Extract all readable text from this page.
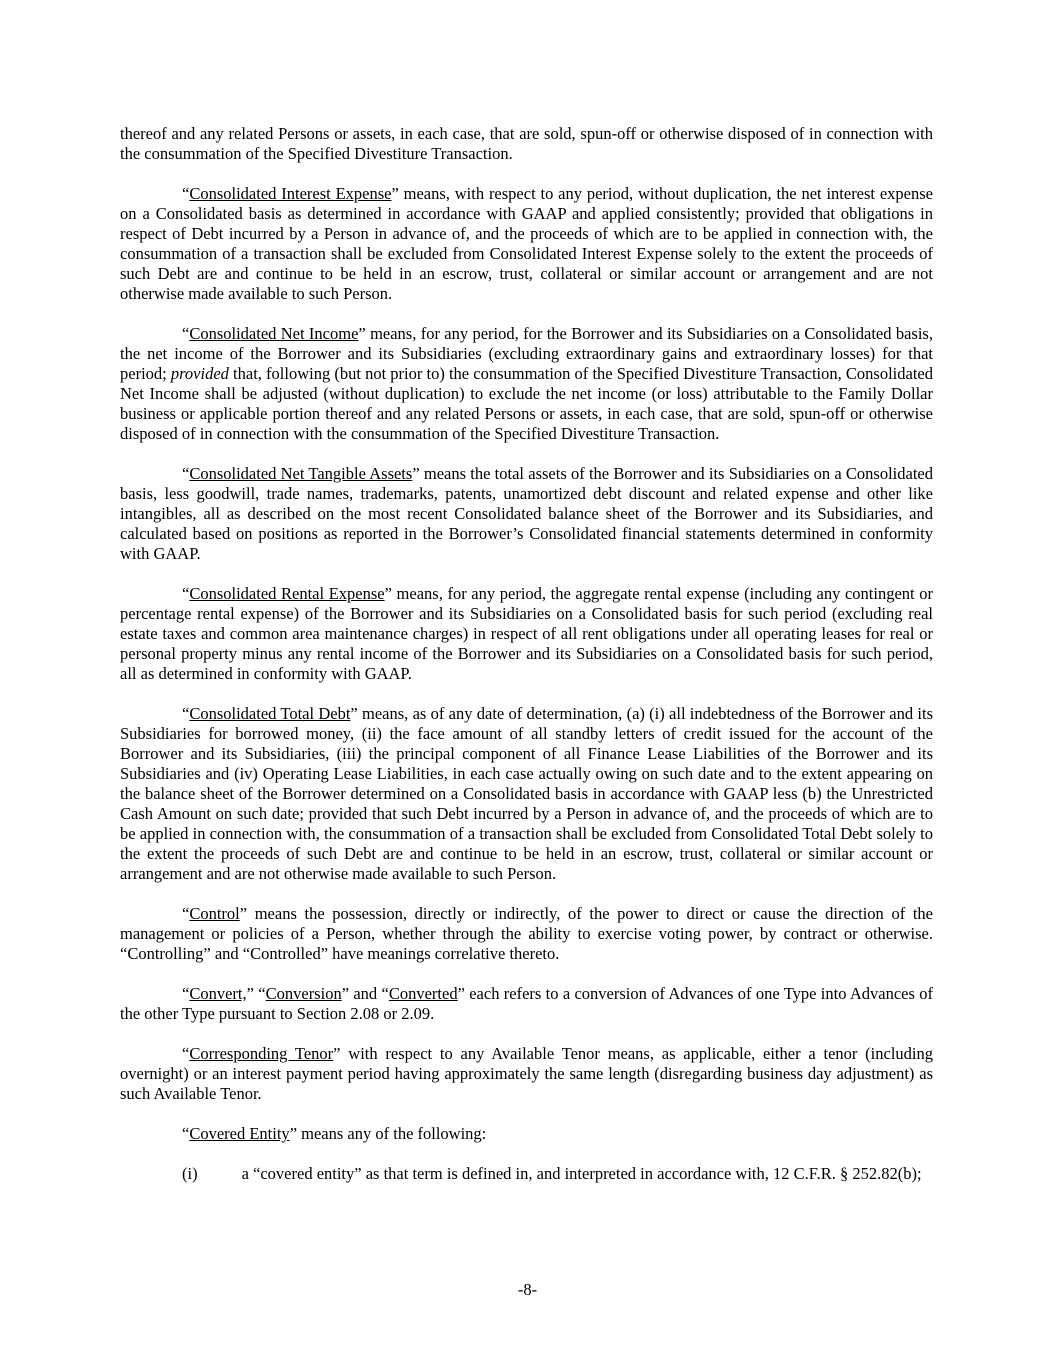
thereof and any related Persons or assets, in each case, that are sold, spun-off or otherwise disposed of in connection with the consummation of the Specified Divestiture Transaction.

“Consolidated Interest Expense” means, with respect to any period, without duplication, the net interest expense on a Consolidated basis as determined in accordance with GAAP and applied consistently; provided that obligations in respect of Debt incurred by a Person in advance of, and the proceeds of which are to be applied in connection with, the consummation of a transaction shall be excluded from Consolidated Interest Expense solely to the extent the proceeds of such Debt are and continue to be held in an escrow, trust, collateral or similar account or arrangement and are not otherwise made available to such Person.

“Consolidated Net Income” means, for any period, for the Borrower and its Subsidiaries on a Consolidated basis, the net income of the Borrower and its Subsidiaries (excluding extraordinary gains and extraordinary losses) for that period; provided that, following (but not prior to) the consummation of the Specified Divestiture Transaction, Consolidated Net Income shall be adjusted (without duplication) to exclude the net income (or loss) attributable to the Family Dollar business or applicable portion thereof and any related Persons or assets, in each case, that are sold, spun-off or otherwise disposed of in connection with the consummation of the Specified Divestiture Transaction.

“Consolidated Net Tangible Assets” means the total assets of the Borrower and its Subsidiaries on a Consolidated basis, less goodwill, trade names, trademarks, patents, unamortized debt discount and related expense and other like intangibles, all as described on the most recent Consolidated balance sheet of the Borrower and its Subsidiaries, and calculated based on positions as reported in the Borrower’s Consolidated financial statements determined in conformity with GAAP.

“Consolidated Rental Expense” means, for any period, the aggregate rental expense (including any contingent or percentage rental expense) of the Borrower and its Subsidiaries on a Consolidated basis for such period (excluding real estate taxes and common area maintenance charges) in respect of all rent obligations under all operating leases for real or personal property minus any rental income of the Borrower and its Subsidiaries on a Consolidated basis for such period, all as determined in conformity with GAAP.

“Consolidated Total Debt” means, as of any date of determination, (a) (i) all indebtedness of the Borrower and its Subsidiaries for borrowed money, (ii) the face amount of all standby letters of credit issued for the account of the Borrower and its Subsidiaries, (iii) the principal component of all Finance Lease Liabilities of the Borrower and its Subsidiaries and (iv) Operating Lease Liabilities, in each case actually owing on such date and to the extent appearing on the balance sheet of the Borrower determined on a Consolidated basis in accordance with GAAP less (b) the Unrestricted Cash Amount on such date; provided that such Debt incurred by a Person in advance of, and the proceeds of which are to be applied in connection with, the consummation of a transaction shall be excluded from Consolidated Total Debt solely to the extent the proceeds of such Debt are and continue to be held in an escrow, trust, collateral or similar account or arrangement and are not otherwise made available to such Person.

“Control” means the possession, directly or indirectly, of the power to direct or cause the direction of the management or policies of a Person, whether through the ability to exercise voting power, by contract or otherwise. “Controlling” and “Controlled” have meanings correlative thereto.

“Convert,” “Conversion” and “Converted” each refers to a conversion of Advances of one Type into Advances of the other Type pursuant to Section 2.08 or 2.09.

“Corresponding Tenor” with respect to any Available Tenor means, as applicable, either a tenor (including overnight) or an interest payment period having approximately the same length (disregarding business day adjustment) as such Available Tenor.

“Covered Entity” means any of the following:

(i)	a “covered entity” as that term is defined in, and interpreted in accordance with, 12 C.F.R. § 252.82(b);

-8-
